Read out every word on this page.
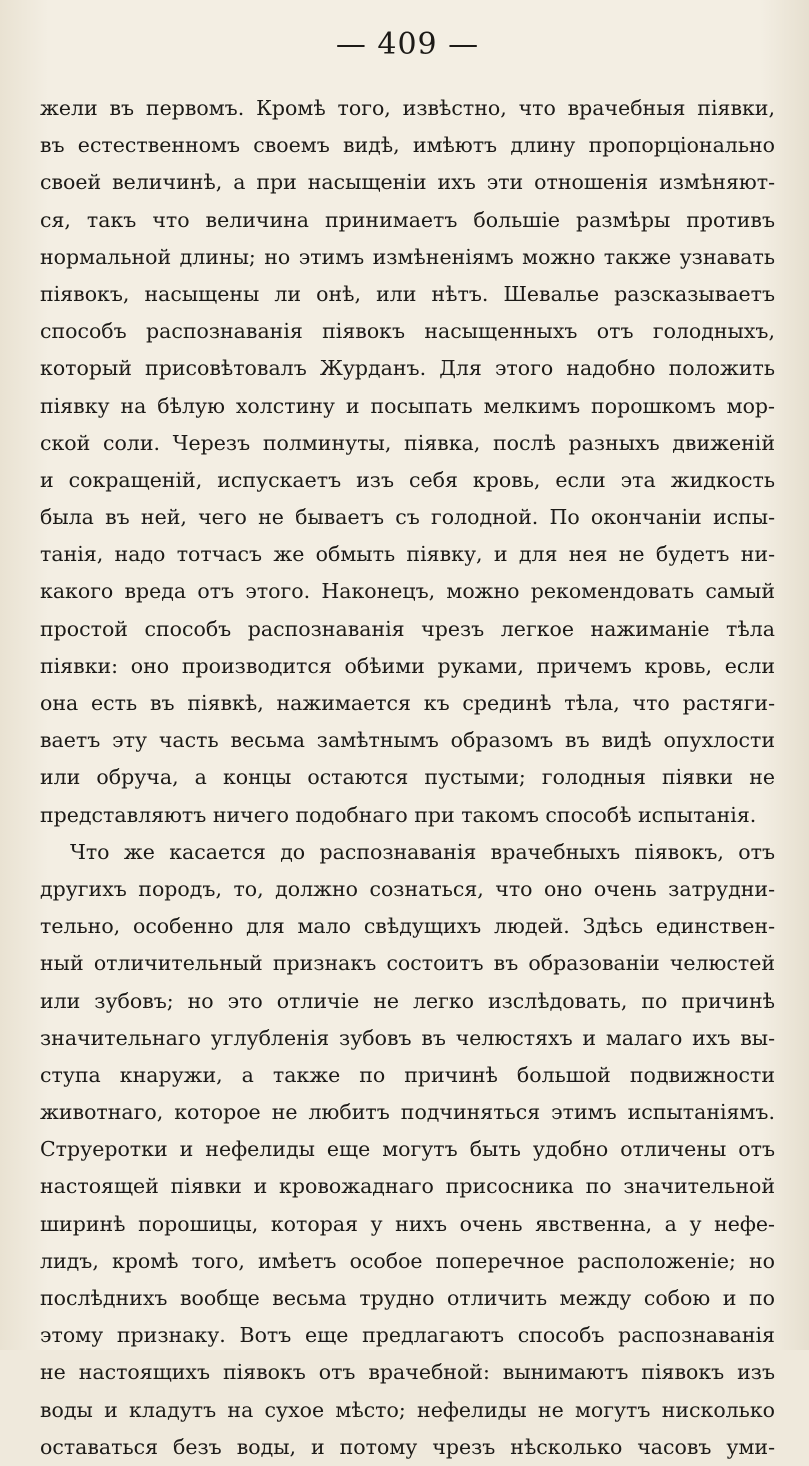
— 409 —
жели въ первомъ. Кромѣ того, извѣстно, что врачебныя піявки,
въ естественномъ своемъ видѣ, имѣютъ длину пропорціонально
своей величинѣ, а при насыщеніи ихъ эти отношенія измѣняют-
ся, такъ что величина принимаетъ большіе размѣры противъ
нормальной длины; но этимъ измѣненіямъ можно также узнавать
піявокъ, насыщены ли онѣ, или нѣтъ. Шевалье разсказываетъ
способъ распознаванія піявокъ насыщенныхъ отъ голодныхъ,
который присовѣтовалъ Журданъ. Для этого надобно положить
піявку на бѣлую холстину и посыпать мелкимъ порошкомъ мор-
ской соли. Черезъ полминуты, піявка, послѣ разныхъ движеній
и сокращеній, испускаетъ изъ себя кровь, если эта жидкость
была въ ней, чего не бываетъ съ голодной. По окончаніи испы-
танія, надо тотчасъ же обмыть піявку, и для нея не будетъ ни-
какого вреда отъ этого. Наконецъ, можно рекомендовать самый
простой способъ распознаванія чрезъ легкое нажиманіе тѣла
піявки: оно производится обѣими руками, причемъ кровь, если
она есть въ піявкѣ, нажимается къ срединѣ тѣла, что растяги-
ваетъ эту часть весьма замѣтнымъ образомъ въ видѣ опухлости
или обруча, а концы остаются пустыми; голодныя піявки не
представляютъ ничего подобнаго при такомъ способѣ испытанія.
Что же касается до распознаванія врачебныхъ піявокъ, отъ
другихъ породъ, то, должно сознаться, что оно очень затрудни-
тельно, особенно для мало свѣдущихъ людей. Здѣсь единствен-
ный отличительный признакъ состоитъ въ образованіи челюстей
или зубовъ; но это отличіе не легко изслѣдовать, по причинѣ
значительнаго углубленія зубовъ въ челюстяхъ и малаго ихъ вы-
ступа кнаружи, а также по причинѣ большой подвижности
животнаго, которое не любитъ подчиняться этимъ испытаніямъ.
Струеротки и нефелиды еще могутъ быть удобно отличены отъ
настоящей піявки и кровожаднаго присосника по значительной
ширинѣ порошицы, которая у нихъ очень явственна, а у нефе-
лидъ, кромѣ того, имѣетъ особое поперечное расположеніе; но
послѣднихъ вообще весьма трудно отличить между собою и по
этому признаку. Вотъ еще предлагаютъ способъ распознаванія
не настоящихъ піявокъ отъ врачебной: вынимаютъ піявокъ изъ
воды и кладутъ на сухое мѣсто; нефелиды не могутъ нисколько
оставаться безъ воды, и потому чрезъ нѣсколько часовъ уми-
